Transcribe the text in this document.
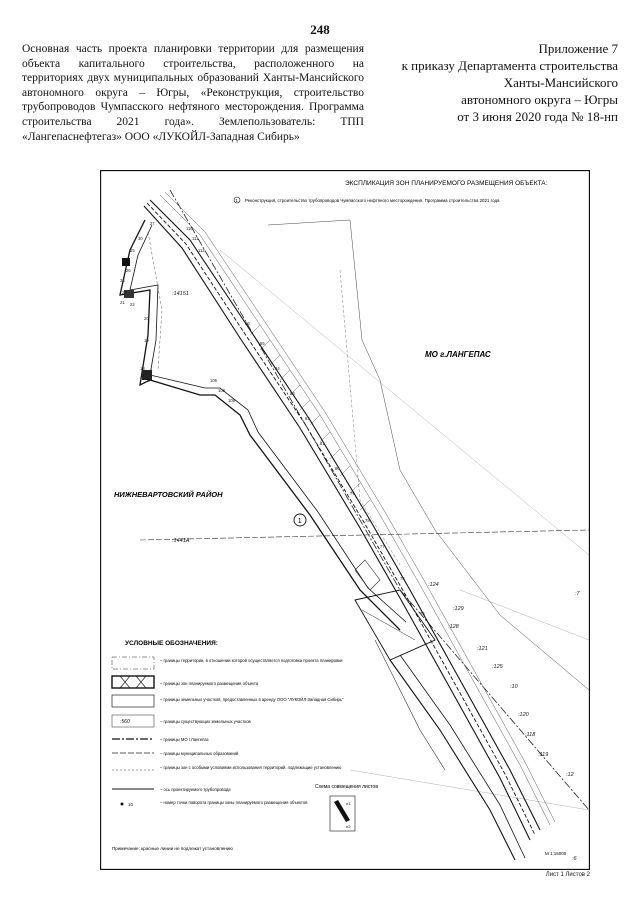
248
Основная часть проекта планировки территории для размещения объекта капитального строительства, расположенного на территориях двух муниципальных образований Ханты-Мансийского автономного округа – Югры, «Реконструкция, строительство трубопроводов Чумпасского нефтяного месторождения. Программа строительства 2021 года». Землепользователь: ТПП «Лангепаснефтегаз» ООО «ЛУКОЙЛ-Западная Сибирь»
Приложение 7
к приказу Департамента строительства
Ханты-Мансийского
автономного округа – Югры
от 3 июня 2020 года № 18-нп
ЭКСПЛИКАЦИЯ ЗОН ПЛАНИРУЕМОГО РАЗМЕЩЕНИЯ ОБЪЕКТА:
1 Реконструкция, строительство трубопроводов Чумпасского нефтяного месторождения. Программа строительства 2021 года
МО г.ЛАНГЕПАС
НИЖНЕВАРТОВСКИЙ РАЙОН
1
27
30
25
26
24
23
22
21
20
19
18
17	106
108
109
110
111
112
86
85
84
83
82
81
80
79
78
77
76
75
:14151
:1441А
:124
:129
:128
:121
:125
:10
:120
:118
:119
:12
:7
:6
М 1:15000
УСЛОВНЫЕ ОБОЗНАЧЕНИЯ:
– границы территории, в отношении которой осуществляется подготовка проекта планировки
– границы зон планируемого размещения объекта
– границы земельных участков, предоставленных в аренду ООО "ЛУКОЙЛ-Западная Сибирь"
:560	– границы существующих земельных участков
– границы МО г.Лангепас
– границы муниципальных образований
– границы зон с особыми условиями использования территорий, подлежащие установлению
– ось проектируемого трубопровода
10	– номер точки поворота границы зоны планируемого размещения объектов
Схема совмещения листов
л1
л2
Примечание: красные линии не подлежат установлению
Лист 1 Листов 2
